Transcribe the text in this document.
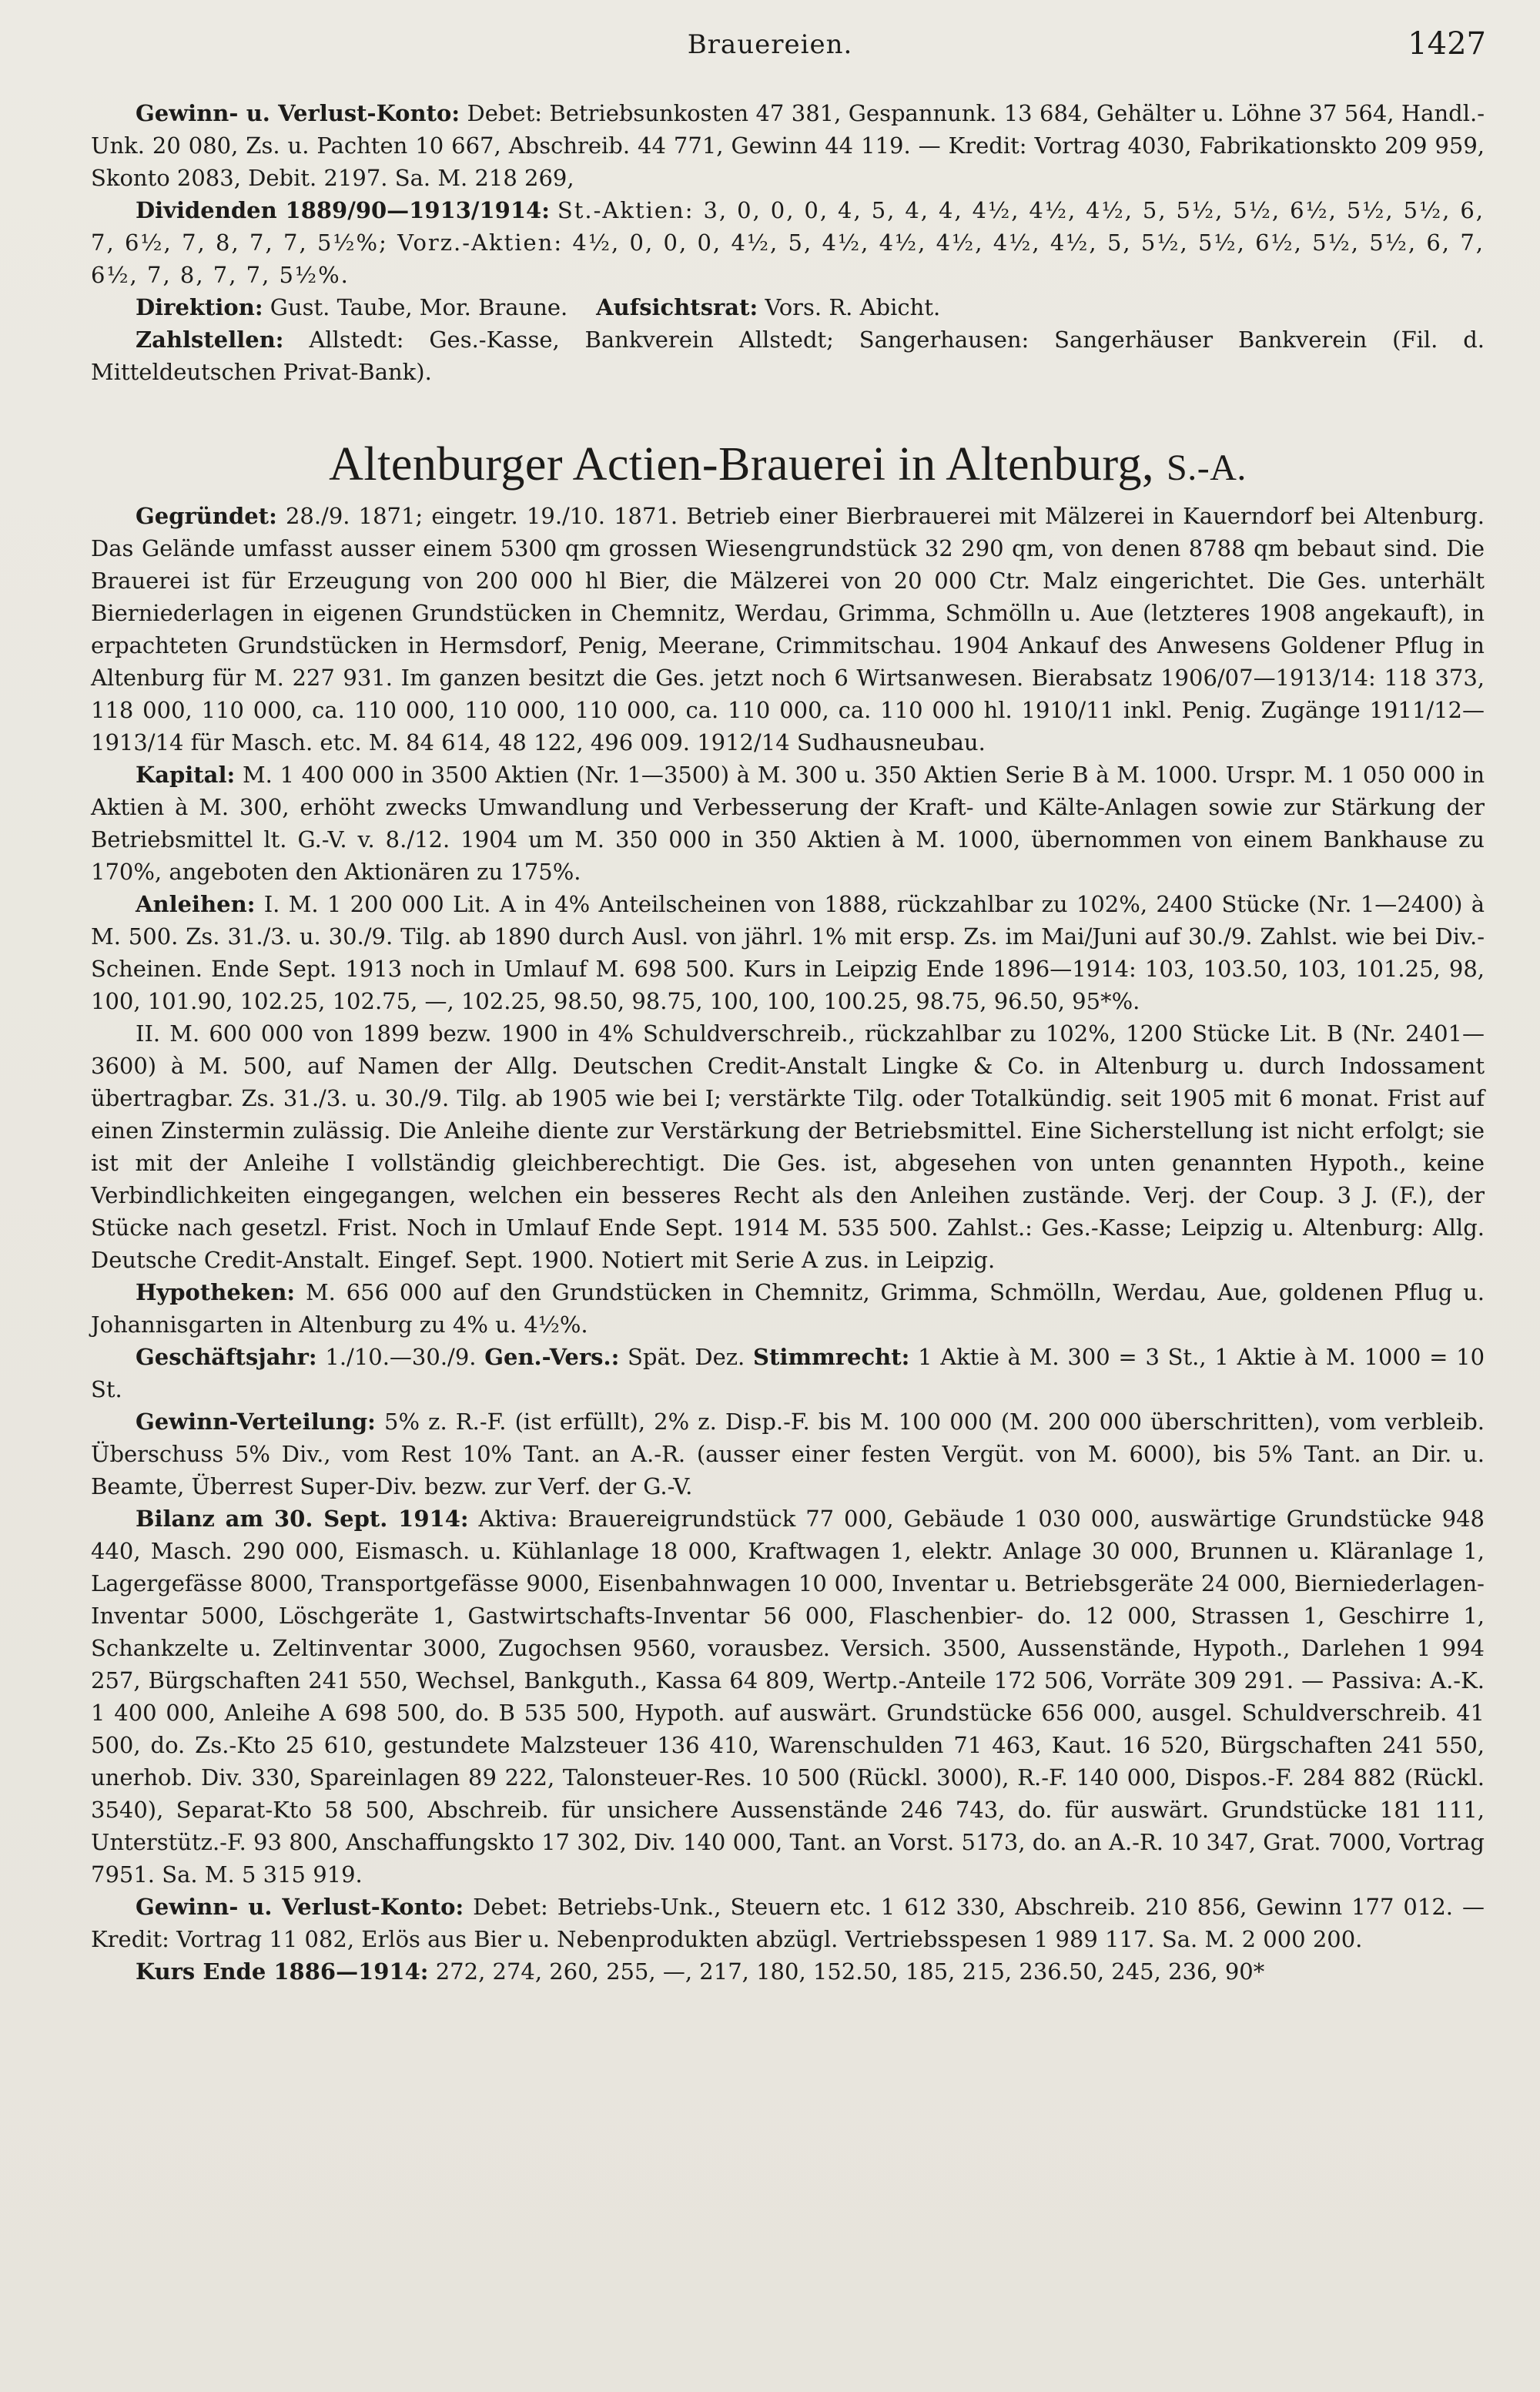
Brauereien.	1427

Gewinn- u. Verlust-Konto: Debet: Betriebsunkosten 47 381, Gespannunk. 13 684, Gehälter u. Löhne 37 564, Handl.-Unk. 20 080, Zs. u. Pachten 10 667, Abschreib. 44 771, Gewinn 44 119. — Kredit: Vortrag 4030, Fabrikationskto 209 959, Skonto 2083, Debit. 2197. Sa. M. 218 269,

Dividenden 1889/90—1913/1914: St.-Aktien: 3, 0, 0, 0, 4, 5, 4, 4, 4½, 4½, 4½, 5, 5½, 5½, 6½, 5½, 5½, 6, 7, 6½, 7, 8, 7, 7, 5½%; Vorz.-Aktien: 4½, 0, 0, 0, 4½, 5, 4½, 4½, 4½, 4½, 4½, 5, 5½, 5½, 6½, 5½, 5½, 6, 7, 6½, 7, 8, 7, 7, 5½%.

Direktion: Gust. Taube, Mor. Braune. Aufsichtsrat: Vors. R. Abicht.

Zahlstellen: Allstedt: Ges.-Kasse, Bankverein Allstedt; Sangerhausen: Sangerhäuser Bankverein (Fil. d. Mitteldeutschen Privat-Bank).

Altenburger Actien-Brauerei in Altenburg, S.-A.

Gegründet: 28./9. 1871; eingetr. 19./10. 1871. Betrieb einer Bierbrauerei mit Mälzerei in Kauerndorf bei Altenburg. Das Gelände umfasst ausser einem 5300 qm grossen Wiesengrundstück 32 290 qm, von denen 8788 qm bebaut sind. Die Brauerei ist für Erzeugung von 200 000 hl Bier, die Mälzerei von 20 000 Ctr. Malz eingerichtet. Die Ges. unterhält Bierniederlagen in eigenen Grundstücken in Chemnitz, Werdau, Grimma, Schmölln u. Aue (letzteres 1908 angekauft), in erpachteten Grundstücken in Hermsdorf, Penig, Meerane, Crimmitschau. 1904 Ankauf des Anwesens Goldener Pflug in Altenburg für M. 227 931. Im ganzen besitzt die Ges. jetzt noch 6 Wirtsanwesen. Bierabsatz 1906/07—1913/14: 118 373, 118 000, 110 000, ca. 110 000, 110 000, 110 000, ca. 110 000, ca. 110 000 hl. 1910/11 inkl. Penig. Zugänge 1911/12—1913/14 für Masch. etc. M. 84 614, 48 122, 496 009. 1912/14 Sudhausneubau.

Kapital: M. 1 400 000 in 3500 Aktien (Nr. 1—3500) à M. 300 u. 350 Aktien Serie B à M. 1000. Urspr. M. 1 050 000 in Aktien à M. 300, erhöht zwecks Umwandlung und Verbesserung der Kraft- und Kälte-Anlagen sowie zur Stärkung der Betriebsmittel lt. G.-V. v. 8./12. 1904 um M. 350 000 in 350 Aktien à M. 1000, übernommen von einem Bankhause zu 170%, angeboten den Aktionären zu 175%.

Anleihen: I. M. 1 200 000 Lit. A in 4% Anteilscheinen von 1888, rückzahlbar zu 102%, 2400 Stücke (Nr. 1—2400) à M. 500. Zs. 31./3. u. 30./9. Tilg. ab 1890 durch Ausl. von jährl. 1% mit ersp. Zs. im Mai/Juni auf 30./9. Zahlst. wie bei Div.-Scheinen. Ende Sept. 1913 noch in Umlauf M. 698 500. Kurs in Leipzig Ende 1896—1914: 103, 103.50, 103, 101.25, 98, 100, 101.90, 102.25, 102.75, —, 102.25, 98.50, 98.75, 100, 100, 100.25, 98.75, 96.50, 95*%.

II. M. 600 000 von 1899 bezw. 1900 in 4% Schuldverschreib., rückzahlbar zu 102%, 1200 Stücke Lit. B (Nr. 2401—3600) à M. 500, auf Namen der Allg. Deutschen Credit-Anstalt Lingke & Co. in Altenburg u. durch Indossament übertragbar. Zs. 31./3. u. 30./9. Tilg. ab 1905 wie bei I; verstärkte Tilg. oder Totalkündig. seit 1905 mit 6 monat. Frist auf einen Zinstermin zulässig. Die Anleihe diente zur Verstärkung der Betriebsmittel. Eine Sicherstellung ist nicht erfolgt; sie ist mit der Anleihe I vollständig gleichberechtigt. Die Ges. ist, abgesehen von unten genannten Hypoth., keine Verbindlichkeiten eingegangen, welchen ein besseres Recht als den Anleihen zustände. Verj. der Coup. 3 J. (F.), der Stücke nach gesetzl. Frist. Noch in Umlauf Ende Sept. 1914 M. 535 500. Zahlst.: Ges.-Kasse; Leipzig u. Altenburg: Allg. Deutsche Credit-Anstalt. Eingef. Sept. 1900. Notiert mit Serie A zus. in Leipzig.

Hypotheken: M. 656 000 auf den Grundstücken in Chemnitz, Grimma, Schmölln, Werdau, Aue, goldenen Pflug u. Johannisgarten in Altenburg zu 4% u. 4½%.

Geschäftsjahr: 1./10.—30./9. Gen.-Vers.: Spät. Dez. Stimmrecht: 1 Aktie à M. 300 = 3 St., 1 Aktie à M. 1000 = 10 St.

Gewinn-Verteilung: 5% z. R.-F. (ist erfüllt), 2% z. Disp.-F. bis M. 100 000 (M. 200 000 überschritten), vom verbleib. Überschuss 5% Div., vom Rest 10% Tant. an A.-R. (ausser einer festen Vergüt. von M. 6000), bis 5% Tant. an Dir. u. Beamte, Überrest Super-Div. bezw. zur Verf. der G.-V.

Bilanz am 30. Sept. 1914: Aktiva: Brauereigrundstück 77 000, Gebäude 1 030 000, auswärtige Grundstücke 948 440, Masch. 290 000, Eismasch. u. Kühlanlage 18 000, Kraftwagen 1, elektr. Anlage 30 000, Brunnen u. Kläranlage 1, Lagergefässe 8000, Transportgefässe 9000, Eisenbahnwagen 10 000, Inventar u. Betriebsgeräte 24 000, Bierniederlagen-Inventar 5000, Löschgeräte 1, Gastwirtschafts-Inventar 56 000, Flaschenbier- do. 12 000, Strassen 1, Geschirre 1, Schankzelte u. Zeltinventar 3000, Zugochsen 9560, vorausbez. Versich. 3500, Aussenstände, Hypoth., Darlehen 1 994 257, Bürgschaften 241 550, Wechsel, Bankguth., Kassa 64 809, Wertp.-Anteile 172 506, Vorräte 309 291. — Passiva: A.-K. 1 400 000, Anleihe A 698 500, do. B 535 500, Hypoth. auf auswärt. Grundstücke 656 000, ausgel. Schuldverschreib. 41 500, do. Zs.-Kto 25 610, gestundete Malzsteuer 136 410, Warenschulden 71 463, Kaut. 16 520, Bürgschaften 241 550, unerhob. Div. 330, Spareinlagen 89 222, Talonsteuer-Res. 10 500 (Rückl. 3000), R.-F. 140 000, Dispos.-F. 284 882 (Rückl. 3540), Separat-Kto 58 500, Abschreib. für unsichere Aussenstände 246 743, do. für auswärt. Grundstücke 181 111, Unterstütz.-F. 93 800, Anschaffungskto 17 302, Div. 140 000, Tant. an Vorst. 5173, do. an A.-R. 10 347, Grat. 7000, Vortrag 7951. Sa. M. 5 315 919.

Gewinn- u. Verlust-Konto: Debet: Betriebs-Unk., Steuern etc. 1 612 330, Abschreib. 210 856, Gewinn 177 012. — Kredit: Vortrag 11 082, Erlös aus Bier u. Nebenprodukten abzügl. Vertriebsspesen 1 989 117. Sa. M. 2 000 200.

Kurs Ende 1886—1914: 272, 274, 260, 255, —, 217, 180, 152.50, 185, 215, 236.50, 245, 236, 90*
